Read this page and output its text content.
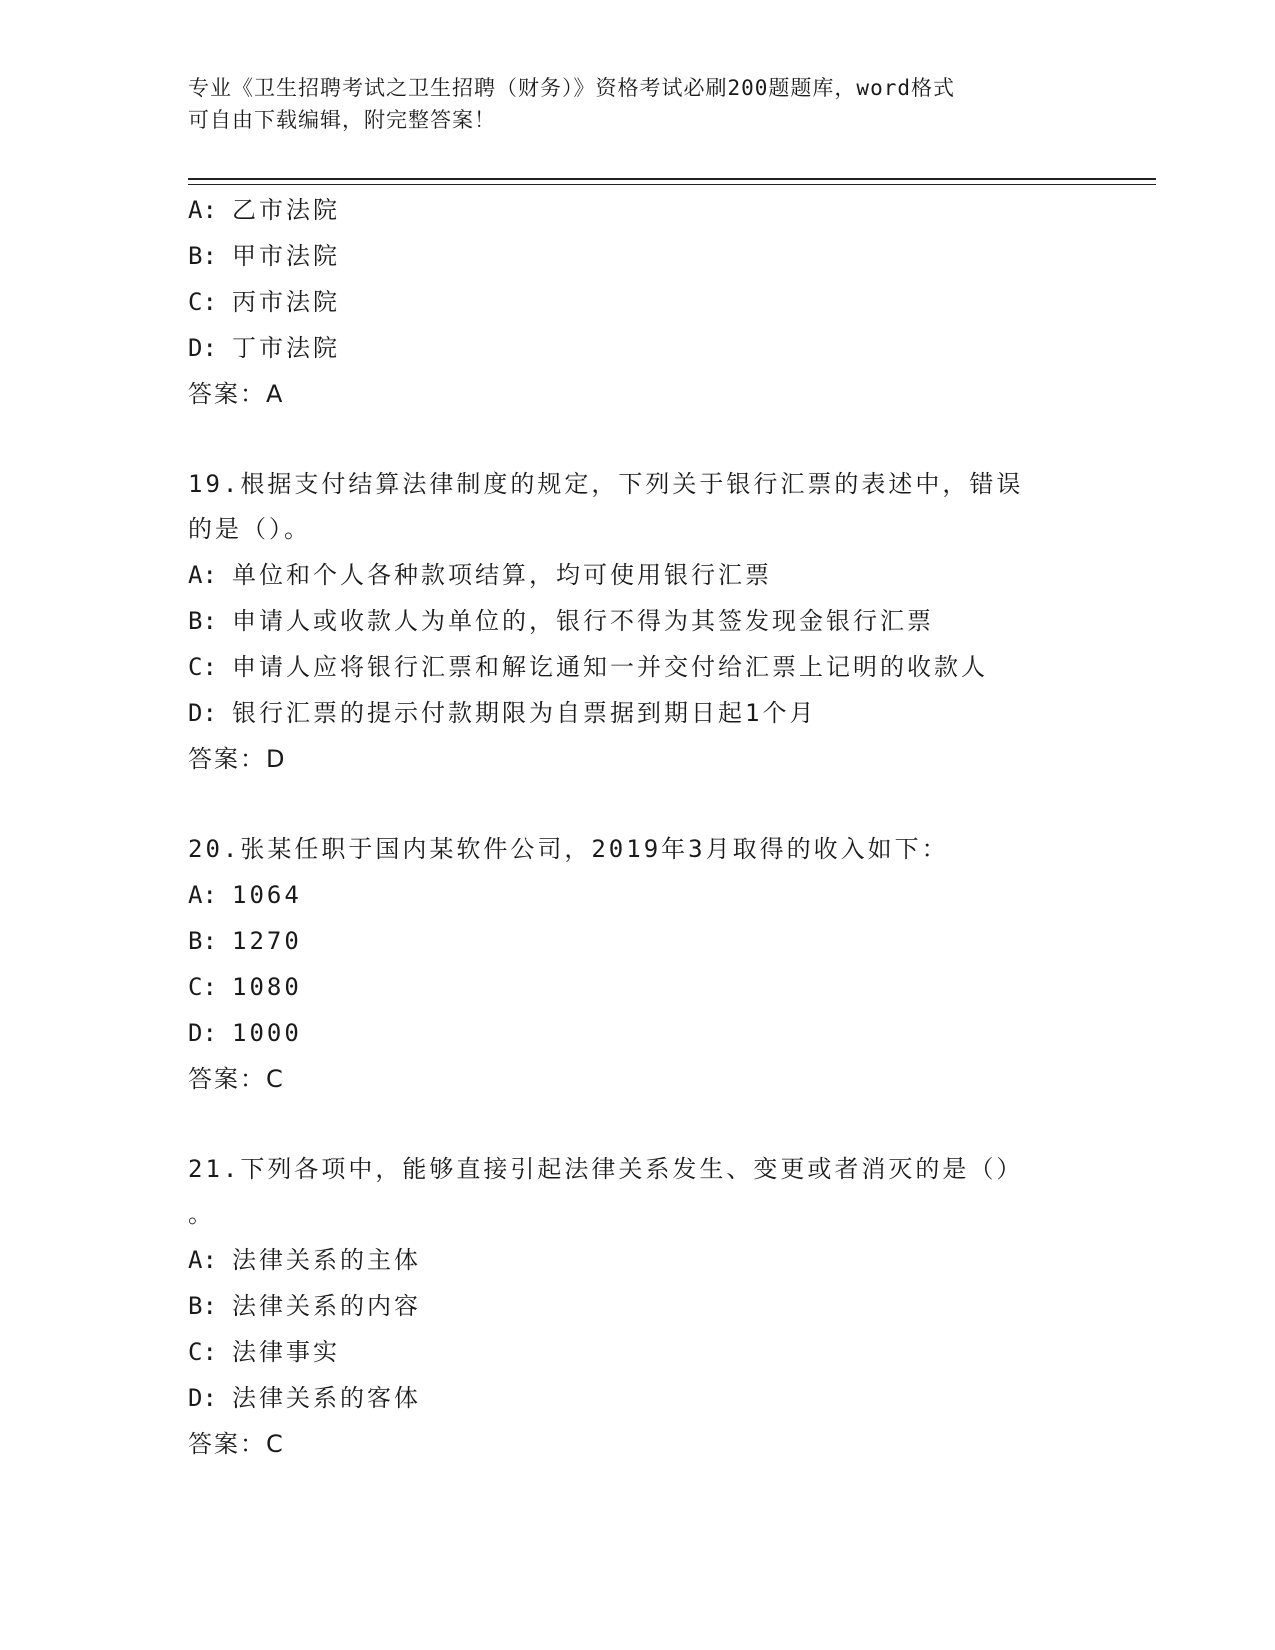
专业《卫生招聘考试之卫生招聘（财务）》资格考试必刷200题题库，word格式
可自由下载编辑，附完整答案！
A: 乙市法院
B: 甲市法院
C: 丙市法院
D: 丁市法院
答案：A
19.根据支付结算法律制度的规定，下列关于银行汇票的表述中，错误
的是（）。
A: 单位和个人各种款项结算，均可使用银行汇票
B: 申请人或收款人为单位的，银行不得为其签发现金银行汇票
C: 申请人应将银行汇票和解讫通知一并交付给汇票上记明的收款人
D: 银行汇票的提示付款期限为自票据到期日起1个月
答案：D
20.张某任职于国内某软件公司，2019年3月取得的收入如下：
A: 1064
B: 1270
C: 1080
D: 1000
答案：C
21.下列各项中，能够直接引起法律关系发生、变更或者消灭的是（）
。
A: 法律关系的主体
B: 法律关系的内容
C: 法律事实
D: 法律关系的客体
答案：C
